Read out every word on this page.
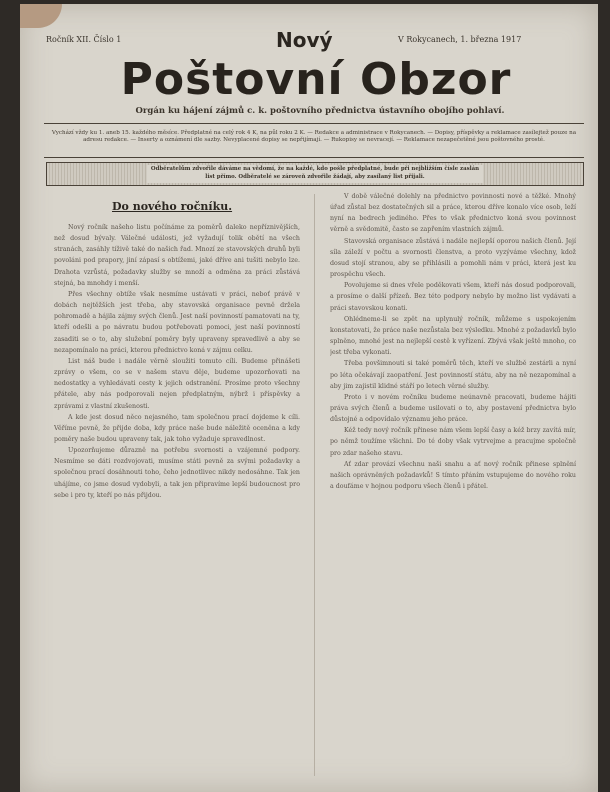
Ročník XII. Číslo 1	Nový	V Rokycanech, 1. března 1917
Poštovní Obzor
Orgán ku hájení zájmů c. k. poštovního přednictva ústavního obojího pohlaví.
Vychází vždy ku 1. aneb 15. každého měsíce. Předplatné na celý rok 4 K, na půl roku 2 K. — Redakce a administrace v Rokycanech. — Dopisy, příspěvky a reklamace zasílejtež pouze na adresu redakce. — Inserty a oznámení dle sazby. Nevyplacené dopisy se nepřijímají. — Rukopisy se nevracejí. — Reklamace nezapečetěné jsou poštovného prosté.
Odběratelům zdvořile dáváme na vědomí, že na každé, kdo pošle předplatné, bude při nejbližším čísle zaslán list přímo. Odběratelé se zároveň zdvořile žádají, aby zasílaný list přijali.
Do nového ročníku.

Nový ročník našeho listu počínáme za poměrů daleko nepříznivějších, než dosud bývaly. Válečné události, jež vyžadují tolik obětí na všech stranách, zasáhly tíživě také do našich řad. Mnozí ze stavovských druhů byli povoláni pod prapory, jiní zápasí s obtížemi, jaké dříve ani tušiti nebylo lze. Drahota vzrůstá, požadavky služby se množí a odměna za práci zůstává stejná, ba mnohdy i menší.

Přes všechny obtíže však nesmíme ustávati v práci, neboť právě v dobách nejtěžších jest třeba, aby stavovská organisace pevně držela pohromadě a hájila zájmy svých členů. Jest naší povinností pamatovati na ty, kteří odešli a po návratu budou potřebovati pomoci, jest naší povinností zasaditi se o to, aby služební poměry byly upraveny spravedlivě a aby se nezapomínalo na práci, kterou přednictvo koná v zájmu celku.

List náš bude i nadále věrně sloužiti tomuto cíli. Budeme přinášeti zprávy o všem, co se v našem stavu děje, budeme upozorňovati na nedostatky a vyhledávati cesty k jejich odstranění. Prosíme proto všechny přátele, aby nás podporovali nejen předplatným, nýbrž i příspěvky a zprávami z vlastní zkušenosti.

A kde jest dosud něco nejasného, tam společnou prací dojdeme k cíli. Věříme pevně, že přijde doba, kdy práce naše bude náležitě oceněna a kdy poměry naše budou upraveny tak, jak toho vyžaduje spravedlnost.

Upozorňujeme důrazně na potřebu svornosti a vzájemné podpory. Nesmíme se dáti rozdvojovati, musíme státi pevně za svými požadavky a společnou prací dosáhnouti toho, čeho jednotlivec nikdy nedosáhne. Tak jen uhájíme, co jsme dosud vydobyli, a tak jen připravíme lepší budoucnost pro sebe i pro ty, kteří po nás přijdou.

V době válečné dolehly na přednictvo povinnosti nové a těžké. Mnohý úřad zůstal bez dostatečných sil a práce, kterou dříve konalo více osob, leží nyní na bedrech jediného. Přes to však přednictvo koná svou povinnost věrně a svědomitě, často se zapřením vlastních zájmů.

Stavovská organisace zůstává i nadále nejlepší oporou našich členů. Její síla záleží v počtu a svornosti členstva, a proto vyzýváme všechny, kdož dosud stojí stranou, aby se přihlásili a pomohli nám v práci, která jest ku prospěchu všech.

Povolujeme si dnes vřele poděkovati všem, kteří nás dosud podporovali, a prosíme o další přízeň. Bez této podpory nebylo by možno list vydávati a práci stavovskou konati.

Ohlédneme-li se zpět na uplynulý ročník, můžeme s uspokojením konstatovati, že práce naše nezůstala bez výsledku. Mnohé z požadavků bylo splněno, mnohé jest na nejlepší cestě k vyřízení. Zbývá však ještě mnoho, co jest třeba vykonati.

Třeba povšimnouti si také poměrů těch, kteří ve službě zestárli a nyní po léta očekávají zaopatření. Jest povinností státu, aby na ně nezapomínal a aby jim zajistil klidné stáří po letech věrné služby.

Proto i v novém ročníku budeme neúnavně pracovati, budeme hájiti práva svých členů a budeme usilovati o to, aby postavení přednictva bylo důstojné a odpovídalo významu jeho práce.

Kéž tedy nový ročník přinese nám všem lepší časy a kéž brzy zavítá mír, po němž toužíme všichni. Do té doby však vytrvejme a pracujme společně pro zdar našeho stavu.

Ať zdar provází všechnu naši snahu a ať nový ročník přinese splnění našich oprávněných požadavků! S tímto přáním vstupujeme do nového roku a doufáme v hojnou podporu všech členů i přátel.
